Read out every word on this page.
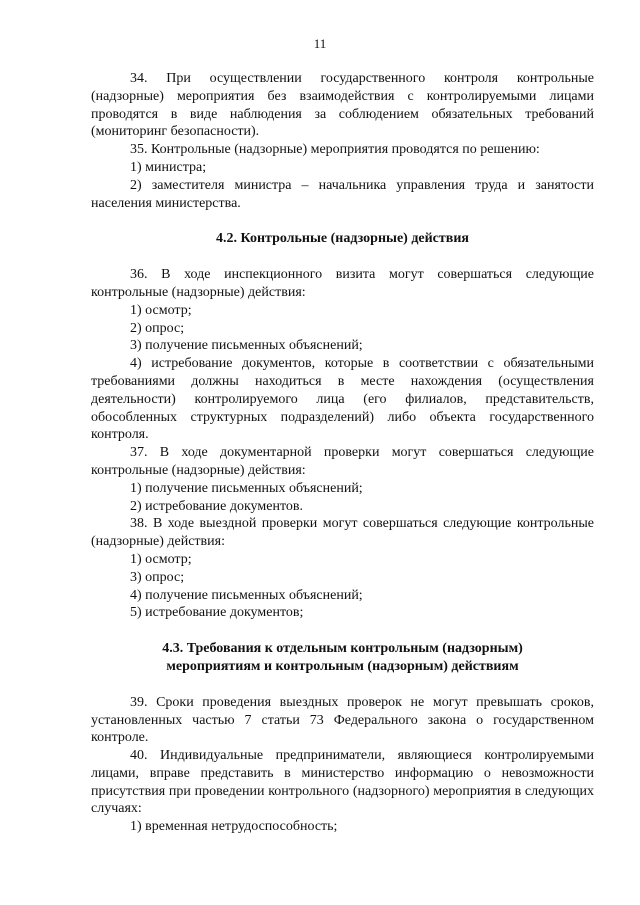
11

34. При осуществлении государственного контроля контрольные (надзорные) мероприятия без взаимодействия с контролируемыми лицами проводятся в виде наблюдения за соблюдением обязательных требований (мониторинг безопасности).

35. Контрольные (надзорные) мероприятия проводятся по решению:

1) министра;

2) заместителя министра – начальника управления труда и занятости населения министерства.

4.2. Контрольные (надзорные) действия

36. В ходе инспекционного визита могут совершаться следующие контрольные (надзорные) действия:

1) осмотр;

2) опрос;

3) получение письменных объяснений;

4) истребование документов, которые в соответствии с обязательными требованиями должны находиться в месте нахождения (осуществления деятельности) контролируемого лица (его филиалов, представительств, обособленных структурных подразделений) либо объекта государственного контроля.

37. В ходе документарной проверки могут совершаться следующие контрольные (надзорные) действия:

1) получение письменных объяснений;

2) истребование документов.

38. В ходе выездной проверки могут совершаться следующие контрольные (надзорные) действия:

1) осмотр;

3) опрос;

4) получение письменных объяснений;

5) истребование документов;

4.3. Требования к отдельным контрольным (надзорным)
мероприятиям и контрольным (надзорным) действиям

39. Сроки проведения выездных проверок не могут превышать сроков, установленных частью 7 статьи 73 Федерального закона о государственном контроле.

40. Индивидуальные предприниматели, являющиеся контролируемыми лицами, вправе представить в министерство информацию о невозможности присутствия при проведении контрольного (надзорного) мероприятия в следующих случаях:

1) временная нетрудоспособность;
